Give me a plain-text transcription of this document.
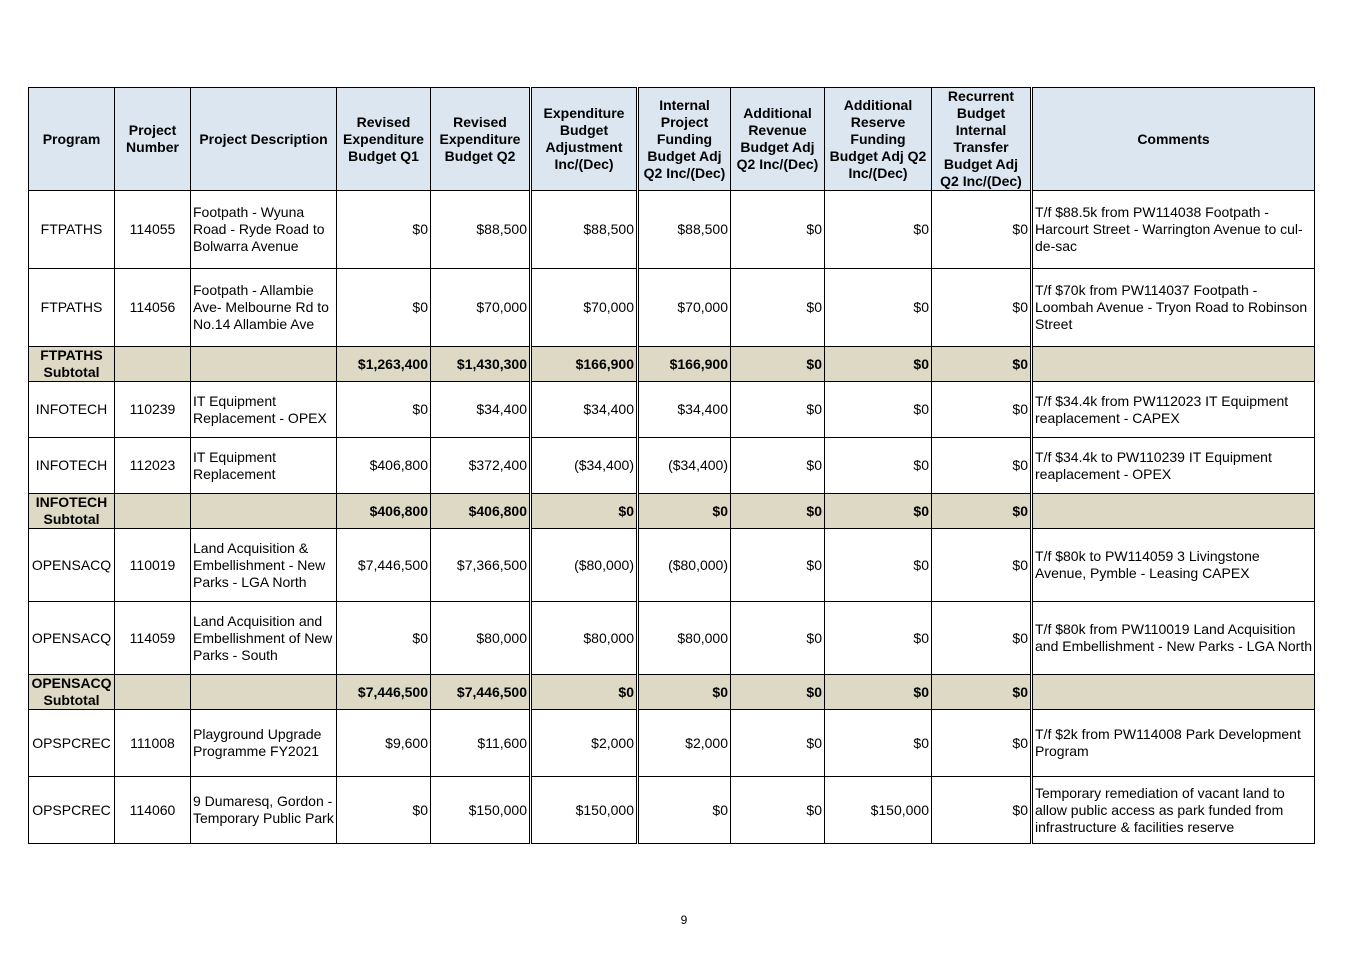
Program	Project Number	Project Description	Revised Expenditure Budget Q1	Revised Expenditure Budget Q2	Expenditure Budget Adjustment Inc/(Dec)	Internal Project Funding Budget Adj Q2 Inc/(Dec)	Additional Revenue Budget Adj Q2 Inc/(Dec)	Additional Reserve Funding Budget Adj Q2 Inc/(Dec)	Recurrent Budget Internal Transfer Budget Adj Q2 Inc/(Dec)	Comments
FTPATHS	114055	Footpath - Wyuna Road - Ryde Road to Bolwarra Avenue	$0	$88,500	$88,500	$88,500	$0	$0	$0	T/f $88.5k from PW114038 Footpath - Harcourt Street - Warrington Avenue to cul-de-sac
FTPATHS	114056	Footpath - Allambie Ave- Melbourne Rd to No.14 Allambie Ave	$0	$70,000	$70,000	$70,000	$0	$0	$0	T/f $70k from PW114037 Footpath - Loombah Avenue - Tryon Road to Robinson Street
FTPATHS Subtotal			$1,263,400	$1,430,300	$166,900	$166,900	$0	$0	$0	
INFOTECH	110239	IT Equipment Replacement - OPEX	$0	$34,400	$34,400	$34,400	$0	$0	$0	T/f $34.4k from PW112023 IT Equipment reaplacement - CAPEX
INFOTECH	112023	IT Equipment Replacement	$406,800	$372,400	($34,400)	($34,400)	$0	$0	$0	T/f $34.4k to PW110239 IT Equipment reaplacement - OPEX
INFOTECH Subtotal			$406,800	$406,800	$0	$0	$0	$0	$0	
OPENSACQ	110019	Land Acquisition & Embellishment - New Parks - LGA North	$7,446,500	$7,366,500	($80,000)	($80,000)	$0	$0	$0	T/f $80k to PW114059 3 Livingstone Avenue, Pymble - Leasing CAPEX
OPENSACQ	114059	Land Acquisition and Embellishment of New Parks - South	$0	$80,000	$80,000	$80,000	$0	$0	$0	T/f $80k from PW110019 Land Acquisition and Embellishment - New Parks - LGA North
OPENSACQ Subtotal			$7,446,500	$7,446,500	$0	$0	$0	$0	$0	
OPSPCREC	111008	Playground Upgrade Programme FY2021	$9,600	$11,600	$2,000	$2,000	$0	$0	$0	T/f $2k from PW114008 Park Development Program
OPSPCREC	114060	9 Dumaresq, Gordon - Temporary Public Park	$0	$150,000	$150,000	$0	$0	$150,000	$0	Temporary remediation of vacant land to allow public access as park funded from infrastructure & facilities reserve
9
